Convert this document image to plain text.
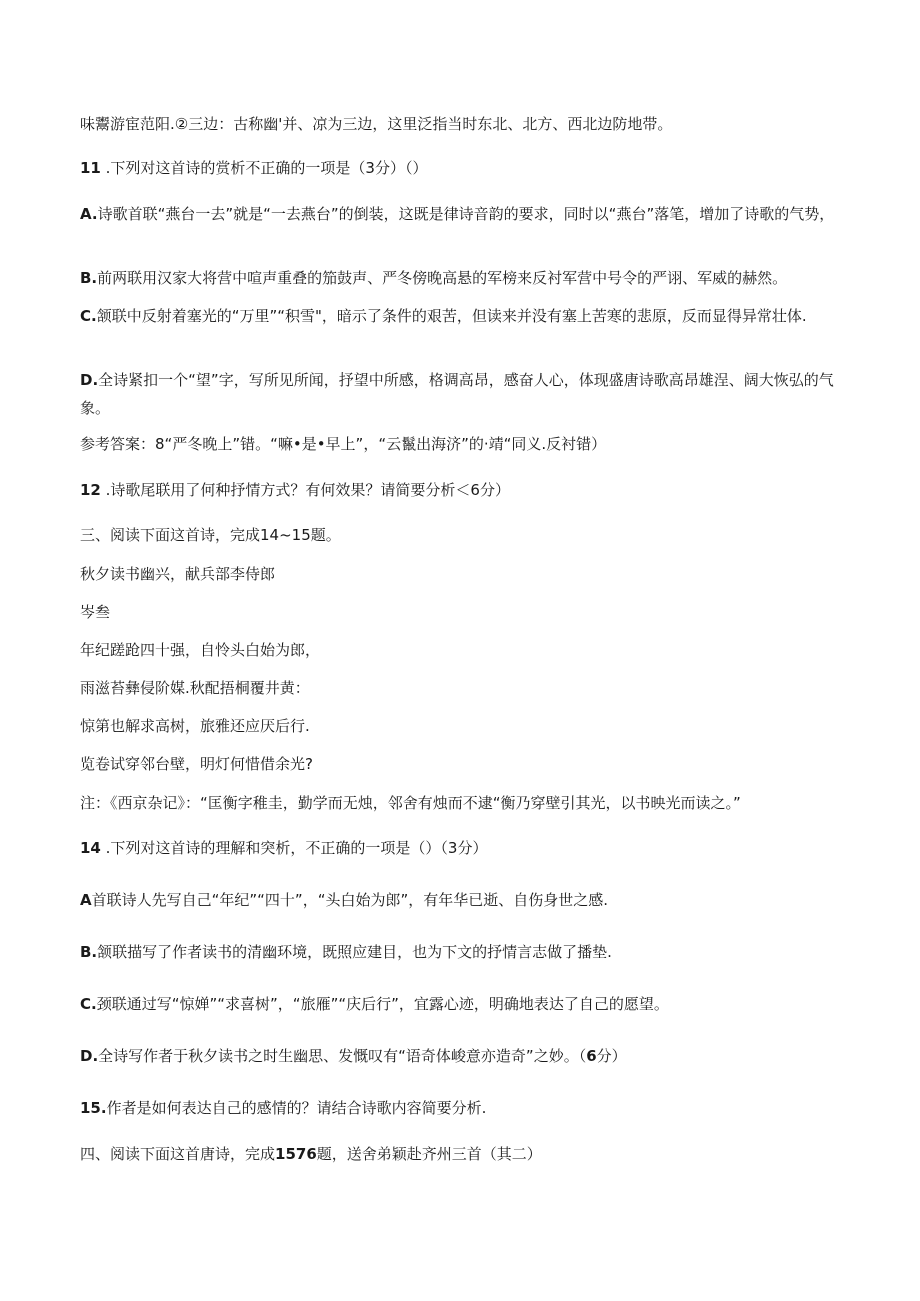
味鬻游宦范阳.②三边：古称幽'并、凉为三边，这里泛指当时东北、北方、西北边防地带。
11 .下列对这首诗的赏析不正确的一项是（3分）（）
A.诗歌首联“燕台一去”就是“一去燕台”的倒装，这既是律诗音韵的要求，同时以“燕台”落笔，增加了诗歌的气势，
B.前两联用汉家大将营中喧声重叠的笳鼓声、严冬傍晚高悬的军榜来反衬军营中号令的严诩、军威的赫然。
C.颔联中反射着塞光的“万里”“积雪"，暗示了条件的艰苦，但读来并没有塞上苦寒的悲原，反而显得异常壮体.
D.全诗紧扣一个“望”字，写所见所闻，抒望中所感，格调高昂，感奋人心，体现盛唐诗歌高昂雄浧、阔大恢弘的气象。
参考答案：8“严冬晚上”错。“嘛•是•早上”，“云鬣出海济”的·靖“同义.反衬错）
12 .诗歌尾联用了何种抒情方式？有何效果？请简要分析＜6分）
三、阅读下面这首诗，完成14~15题。
秋夕读书幽兴，献兵部李侍郎
岑叁
年纪蹉跄四十强，自怜头白始为郎，
雨滋苔彝侵阶媒.秋配捂桐覆井黄：
惊第也解求高树，旅雅还应厌后行.
览卷试穿邻台壁，明灯何惜借余光?
注：《西京杂记》：“匡衡字稚圭，勤学而无烛，邻舍有烛而不逮“衡乃穿壁引其光，以书映光而读之。”
14 .下列对这首诗的理解和突析，不正确的一项是（）（3分）
A首联诗人先写自己“年纪”“四十”，“头白始为郎”，有年华已逝、自伤身世之感.
B.颔联描写了作者读书的清幽环境，既照应建目，也为下文的抒情言志做了播垫.
C.颈联通过写“惊婵”“求喜树”，“旅雁”“庆后行”，宜露心迹，明确地表达了自己的愿望。
D.全诗写作者于秋夕读书之时生幽思、发慨叹有“语奇体峻意亦造奇”之妙。（6分）
15.作者是如何表达自己的感情的？请结合诗歌内容简要分析.
四、阅读下面这首唐诗，完成1576题，送舍弟颖赴齐州三首（其二）
